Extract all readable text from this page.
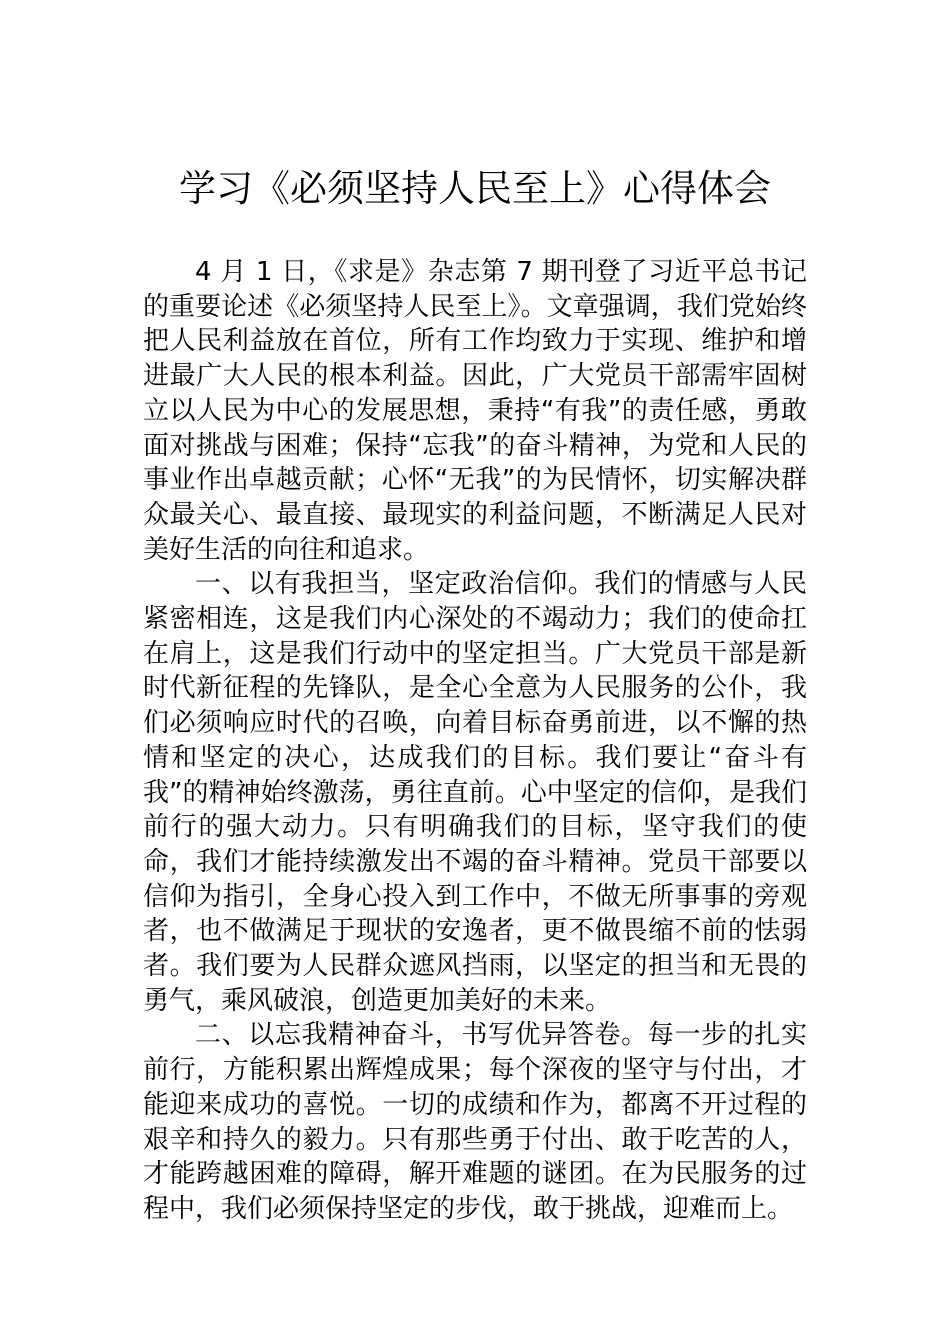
学习《必须坚持人民至上》心得体会

4 月 1 日，《求是》杂志第 7 期刊登了习近平总书记的重要论述《必须坚持人民至上》。文章强调，我们党始终把人民利益放在首位，所有工作均致力于实现、维护和增进最广大人民的根本利益。因此，广大党员干部需牢固树立以人民为中心的发展思想，秉持“有我”的责任感，勇敢面对挑战与困难；保持“忘我”的奋斗精神，为党和人民的事业作出卓越贡献；心怀“无我”的为民情怀，切实解决群众最关心、最直接、最现实的利益问题，不断满足人民对美好生活的向往和追求。

一、以有我担当，坚定政治信仰。我们的情感与人民紧密相连，这是我们内心深处的不竭动力；我们的使命扛在肩上，这是我们行动中的坚定担当。广大党员干部是新时代新征程的先锋队，是全心全意为人民服务的公仆，我们必须响应时代的召唤，向着目标奋勇前进，以不懈的热情和坚定的决心，达成我们的目标。我们要让“奋斗有我”的精神始终激荡，勇往直前。心中坚定的信仰，是我们前行的强大动力。只有明确我们的目标，坚守我们的使命，我们才能持续激发出不竭的奋斗精神。党员干部要以信仰为指引，全身心投入到工作中，不做无所事事的旁观者，也不做满足于现状的安逸者，更不做畏缩不前的怯弱者。我们要为人民群众遮风挡雨，以坚定的担当和无畏的勇气，乘风破浪，创造更加美好的未来。

二、以忘我精神奋斗，书写优异答卷。每一步的扎实前行，方能积累出辉煌成果；每个深夜的坚守与付出，才能迎来成功的喜悦。一切的成绩和作为，都离不开过程的艰辛和持久的毅力。只有那些勇于付出、敢于吃苦的人，才能跨越困难的障碍，解开难题的谜团。在为民服务的过程中，我们必须保持坚定的步伐，敢于挑战，迎难而上。
